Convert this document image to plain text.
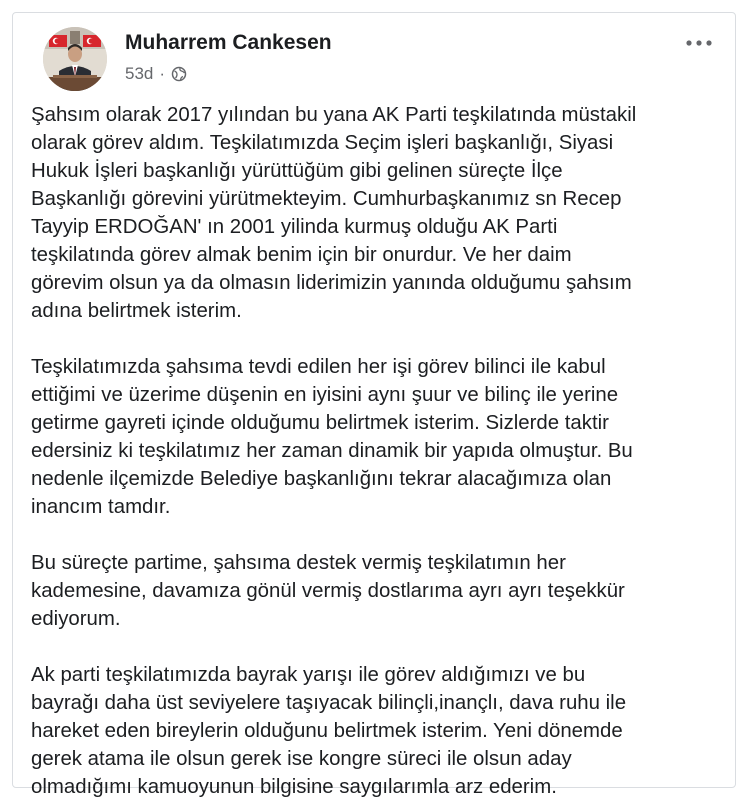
Muharrem Cankesen
53d ·

Şahsım olarak 2017 yılından bu yana AK Parti teşkilatında müstakil
olarak görev aldım. Teşkilatımızda Seçim işleri başkanlığı, Siyasi
Hukuk İşleri başkanlığı yürüttüğüm gibi gelinen süreçte İlçe
Başkanlığı görevini yürütmekteyim. Cumhurbaşkanımız sn Recep
Tayyip ERDOĞAN' ın 2001 yilinda kurmuş olduğu AK Parti
teşkilatında görev almak benim için bir onurdur. Ve her daim
görevim olsun ya da olmasın liderimizin yanında olduğumu şahsım
adına belirtmek isterim.

Teşkilatımızda şahsıma tevdi edilen her işi görev bilinci ile kabul
ettiğimi ve üzerime düşenin en iyisini aynı şuur ve bilinç ile yerine
getirme gayreti içinde olduğumu belirtmek isterim. Sizlerde taktir
edersiniz ki teşkilatımız her zaman dinamik bir yapıda olmuştur. Bu
nedenle ilçemizde Belediye başkanlığını tekrar alacağımıza olan
inancım tamdır.

Bu süreçte partime, şahsıma destek vermiş teşkilatımın her
kademesine, davamıza gönül vermiş dostlarıma ayrı ayrı teşekkür
ediyorum.

Ak parti teşkilatımızda bayrak yarışı ile görev aldığımızı ve bu
bayrağı daha üst seviyelere taşıyacak bilinçli,inançlı, dava ruhu ile
hareket eden bireylerin olduğunu belirtmek isterim. Yeni dönemde
gerek atama ile olsun gerek ise kongre süreci ile olsun aday
olmadığımı kamuoyunun bilgisine saygılarımla arz ederim.
